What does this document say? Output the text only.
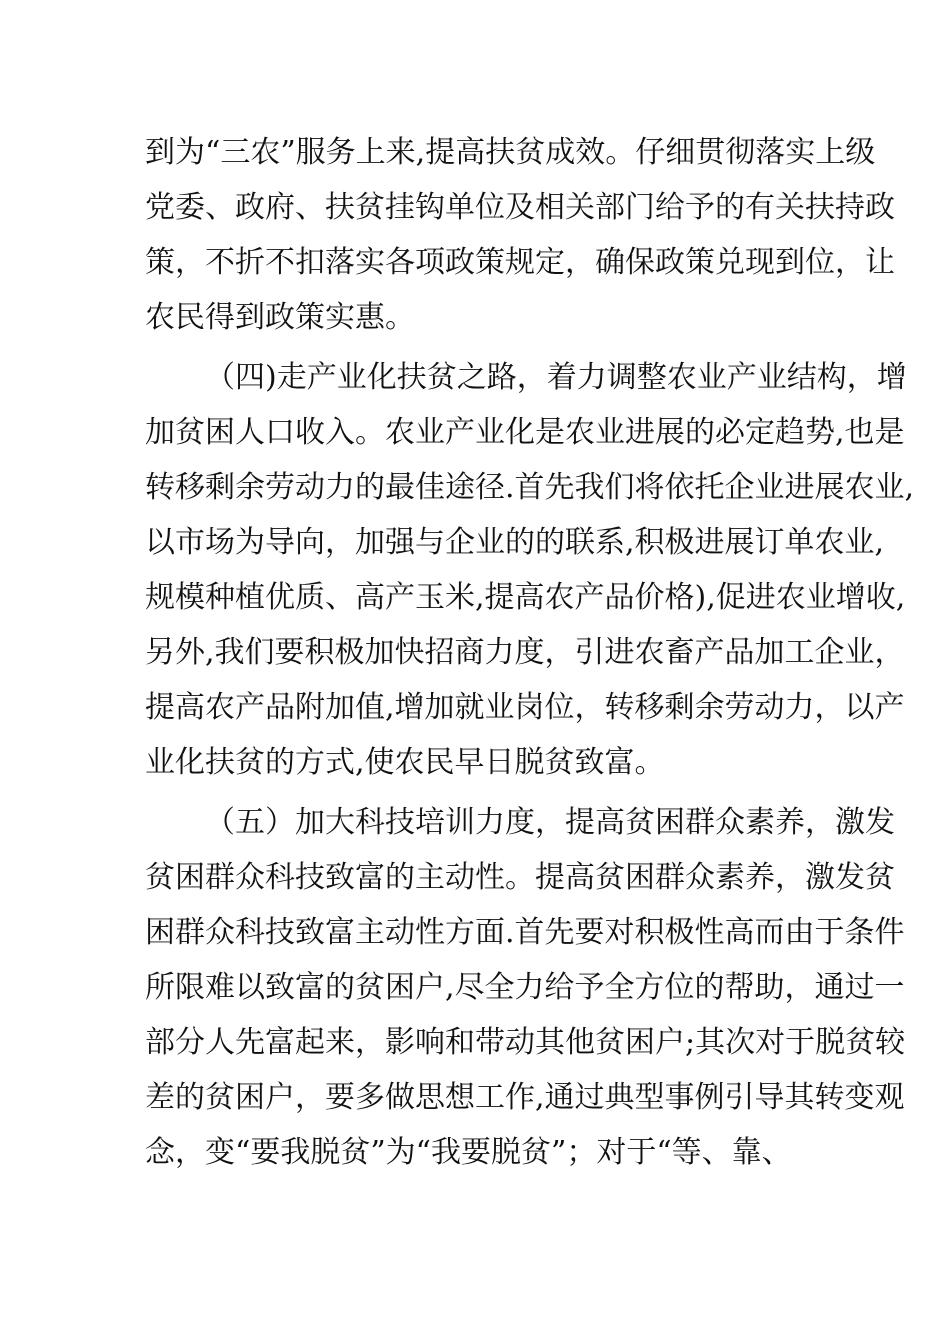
到为“三农”服务上来,提高扶贫成效。仔细贯彻落实上级
党委、政府、扶贫挂钩单位及相关部门给予的有关扶持政
策，不折不扣落实各项政策规定，确保政策兑现到位，让
农民得到政策实惠。
（四)走产业化扶贫之路，着力调整农业产业结构，增
加贫困人口收入。农业产业化是农业进展的必定趋势,也是
转移剩余劳动力的最佳途径.首先我们将依托企业进展农业,
以市场为导向，加强与企业的的联系,积极进展订单农业,
规模种植优质、高产玉米,提高农产品价格),促进农业增收,
另外,我们要积极加快招商力度，引进农畜产品加工企业，
提高农产品附加值,增加就业岗位，转移剩余劳动力，以产
业化扶贫的方式,使农民早日脱贫致富。
（五）加大科技培训力度，提高贫困群众素养，激发
贫困群众科技致富的主动性。提高贫困群众素养，激发贫
困群众科技致富主动性方面.首先要对积极性高而由于条件
所限难以致富的贫困户,尽全力给予全方位的帮助，通过一
部分人先富起来，影响和带动其他贫困户;其次对于脱贫较
差的贫困户，要多做思想工作,通过典型事例引导其转变观
念，变“要我脱贫”为“我要脱贫”；对于“等、靠、
